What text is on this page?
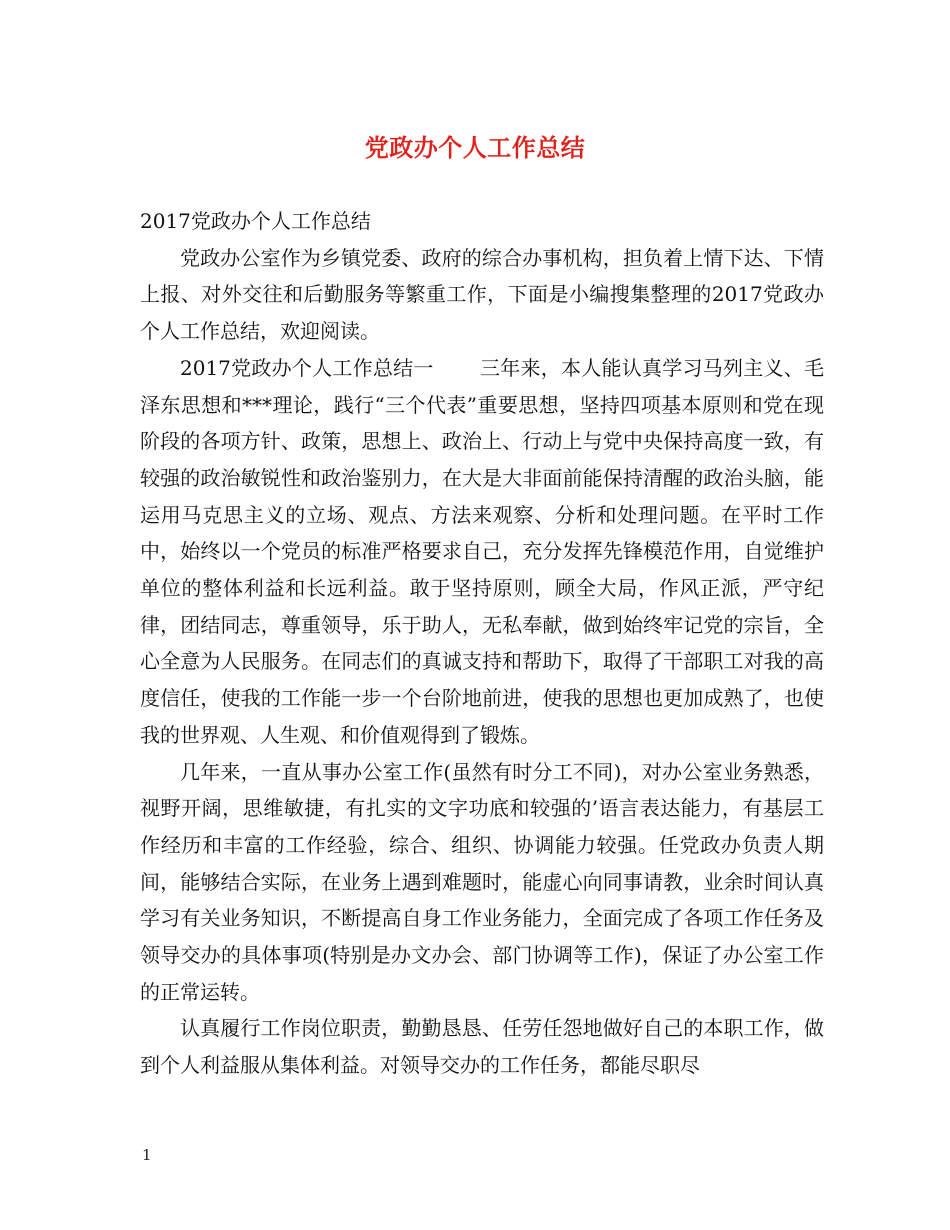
党政办个人工作总结

2017党政办个人工作总结

党政办公室作为乡镇党委、政府的综合办事机构，担负着上情下达、下情上报、对外交往和后勤服务等繁重工作，下面是小编搜集整理的2017党政办个人工作总结，欢迎阅读。

2017党政办个人工作总结一 三年来，本人能认真学习马列主义、毛泽东思想和***理论，践行“三个代表”重要思想，坚持四项基本原则和党在现阶段的各项方针、政策，思想上、政治上、行动上与党中央保持高度一致，有较强的政治敏锐性和政治鉴别力，在大是大非面前能保持清醒的政治头脑，能运用马克思主义的立场、观点、方法来观察、分析和处理问题。在平时工作中，始终以一个党员的标准严格要求自己，充分发挥先锋模范作用，自觉维护单位的整体利益和长远利益。敢于坚持原则，顾全大局，作风正派，严守纪律，团结同志，尊重领导，乐于助人，无私奉献，做到始终牢记党的宗旨，全心全意为人民服务。在同志们的真诚支持和帮助下，取得了干部职工对我的高度信任，使我的工作能一步一个台阶地前进，使我的思想也更加成熟了，也使我的世界观、人生观、和价值观得到了锻炼。

几年来，一直从事办公室工作(虽然有时分工不同)，对办公室业务熟悉，视野开阔，思维敏捷，有扎实的文字功底和较强的’语言表达能力，有基层工作经历和丰富的工作经验，综合、组织、协调能力较强。任党政办负责人期间，能够结合实际，在业务上遇到难题时，能虚心向同事请教，业余时间认真学习有关业务知识，不断提高自身工作业务能力，全面完成了各项工作任务及领导交办的具体事项(特别是办文办会、部门协调等工作)，保证了办公室工作的正常运转。

认真履行工作岗位职责，勤勤恳恳、任劳任怨地做好自己的本职工作，做到个人利益服从集体利益。对领导交办的工作任务，都能尽职尽

1
